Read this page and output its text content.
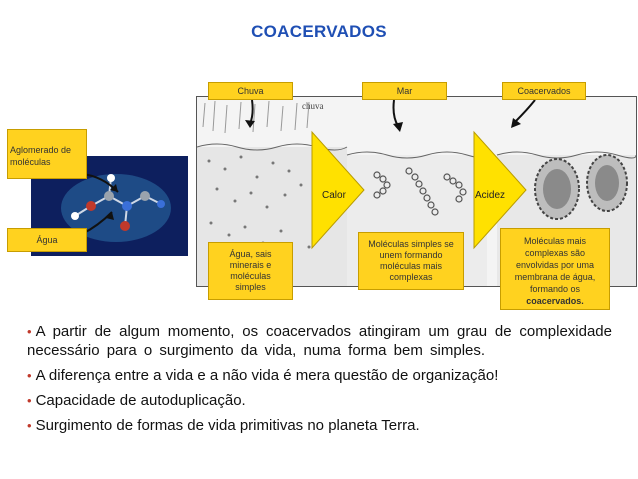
COACERVADOS
chuva
Calor	Acidez
Chuva	Mar	Coacervados
Aglomerado de moléculas
Água
Água, sais minerais e moléculas simples
Moléculas simples se unem formando moléculas mais complexas
Moléculas mais complexas são envolvidas por uma membrana de água, formando os coacervados.
• A partir de algum momento, os coacervados atingiram um grau de complexidade necessário para o surgimento da vida, numa forma bem simples.
• A diferença entre a vida e a não vida é mera questão de organização!
• Capacidade de autoduplicação.
• Surgimento de formas de vida primitivas no planeta Terra.
